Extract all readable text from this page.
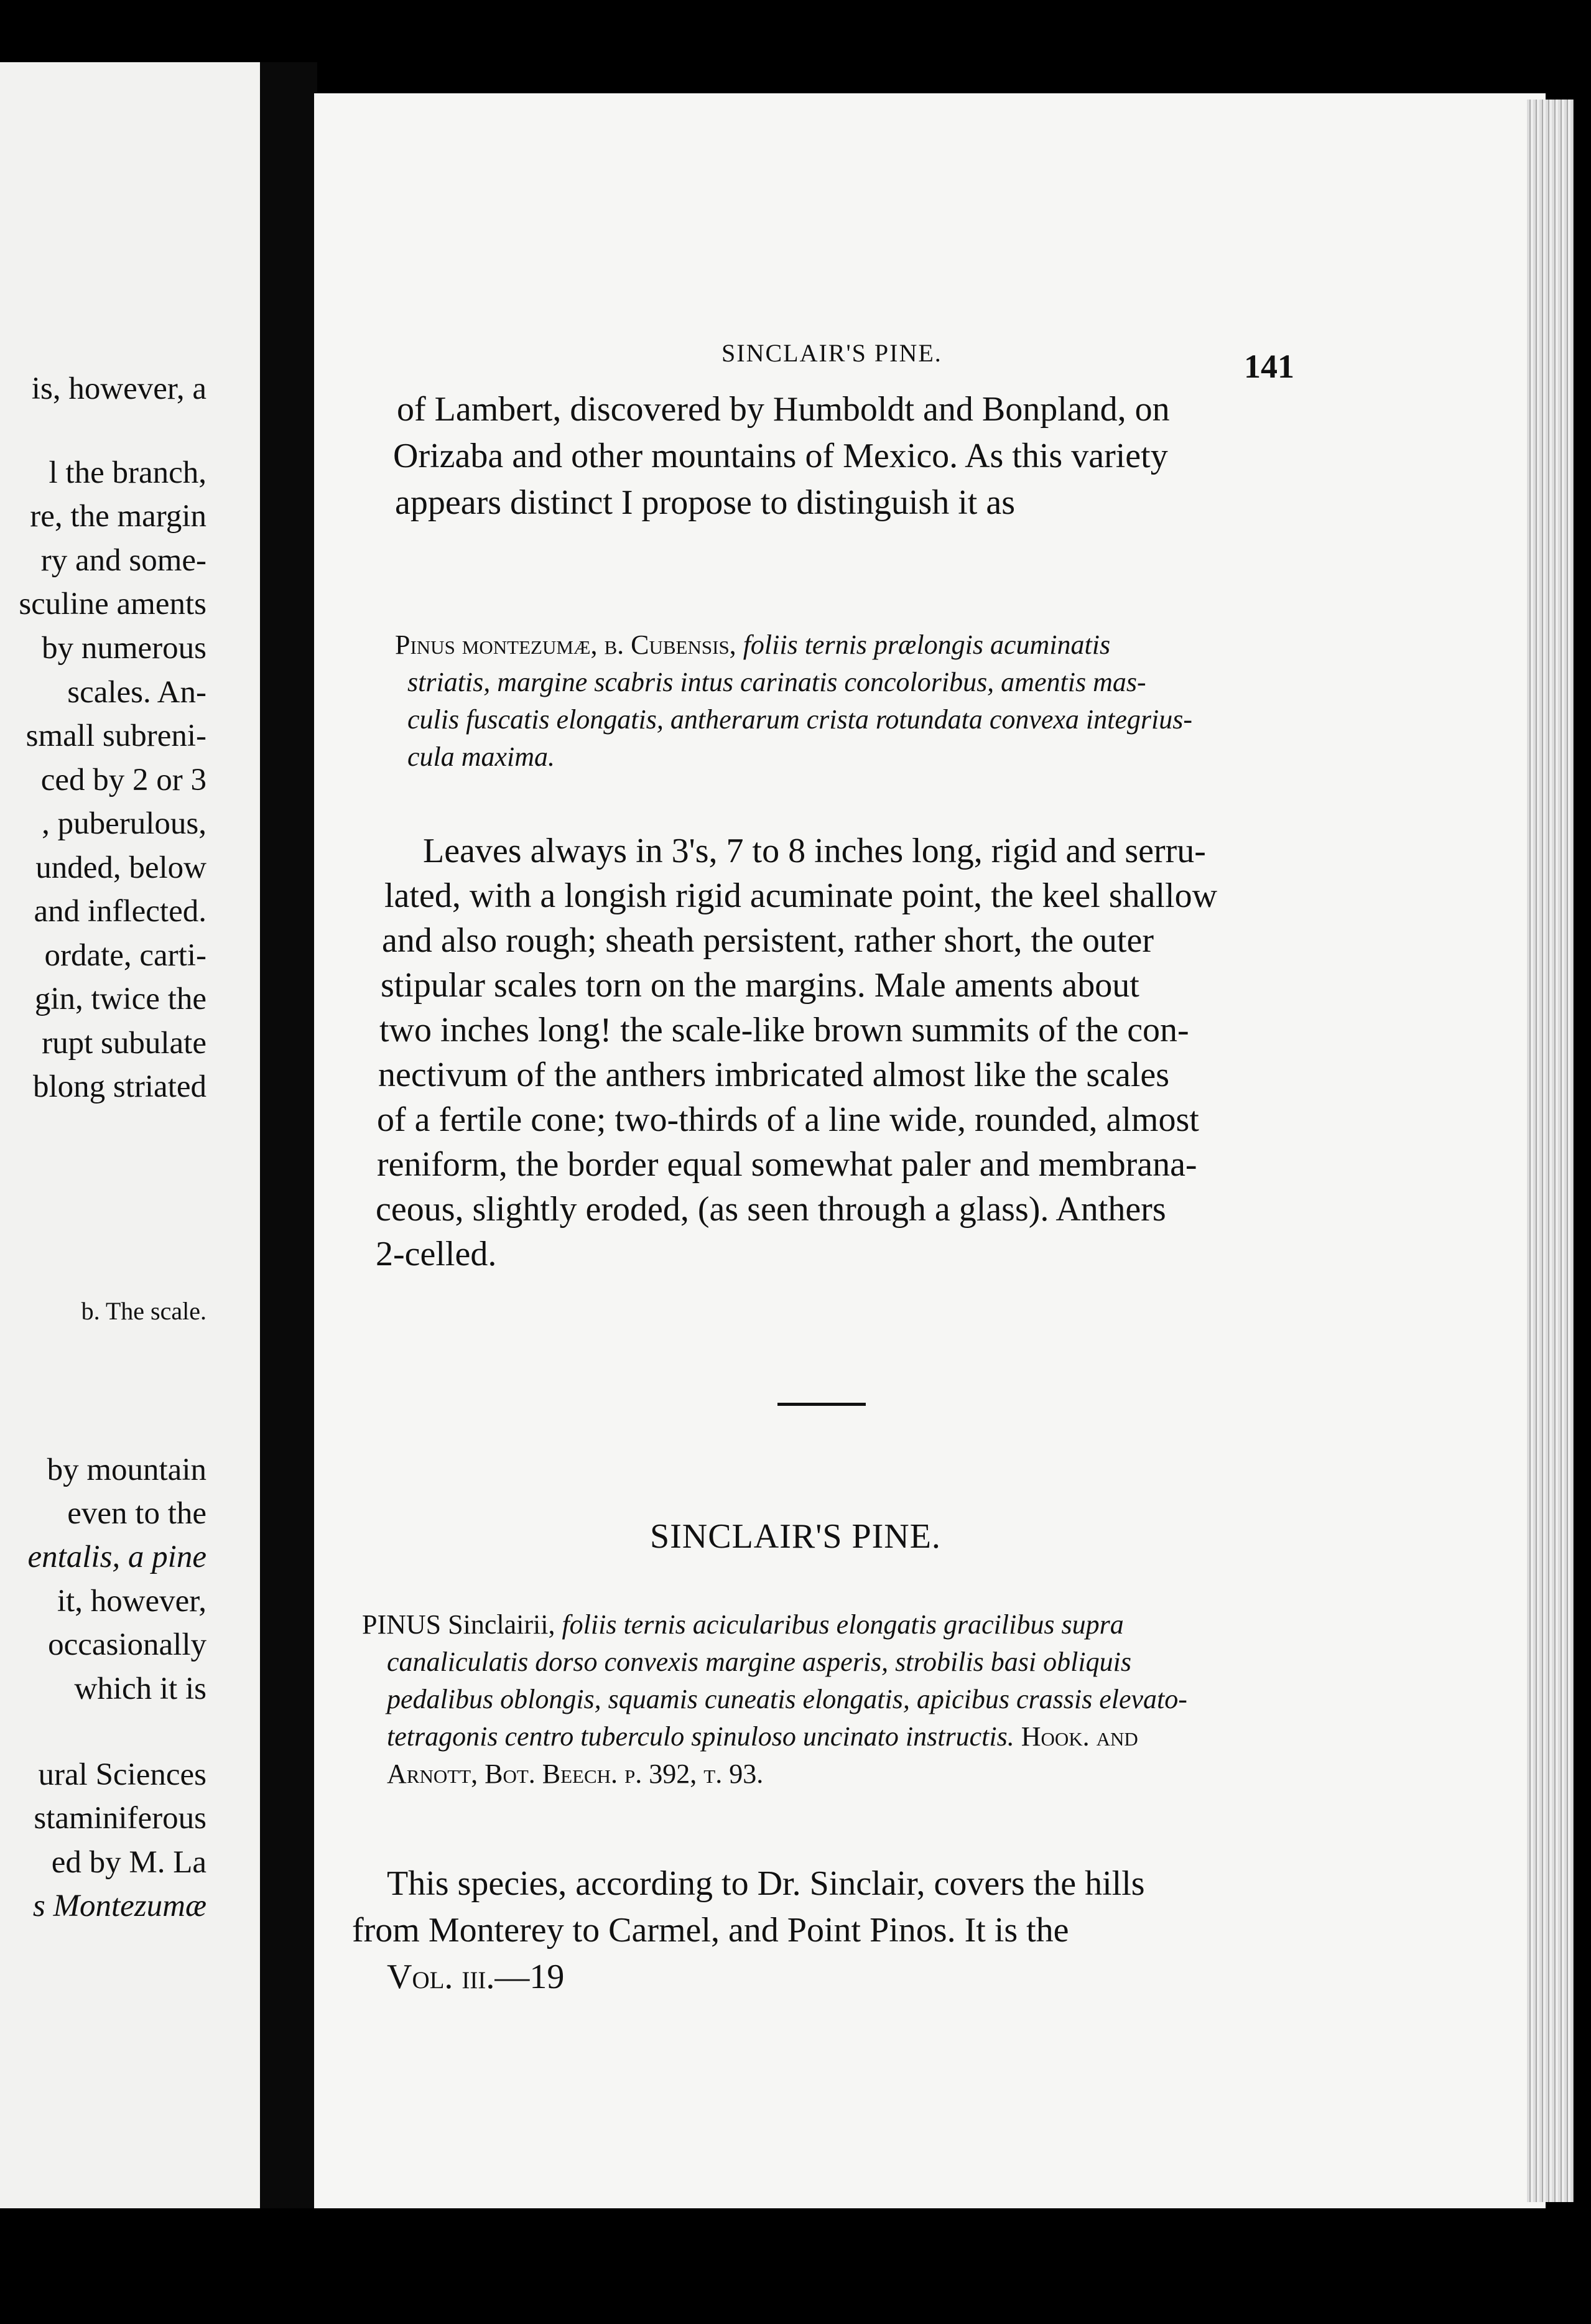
is, however, a
l the branch,
re, the margin
ry and some-
sculine aments
by numerous
scales. An-
small subreni-
ced by 2 or 3
, puberulous,
unded, below
and inflected.
ordate, carti-
gin, twice the
rupt subulate
blong striated
b. The scale.
by mountain
even to the
entalis, a pine
it, however,
occasionally
which it is
ural Sciences
staminiferous
ed by M. La
s Montezumæ
SINCLAIR'S PINE.	141
of Lambert, discovered by Humboldt and Bonpland, on
Orizaba and other mountains of Mexico. As this variety
appears distinct I propose to distinguish it as
Pinus montezumæ, β. Cubensis, foliis ternis prælongis acuminatis
striatis, margine scabris intus carinatis concoloribus, amentis mas-
culis fuscatis elongatis, antherarum crista rotundata convexa integrius-
cula maxima.
Leaves always in 3's, 7 to 8 inches long, rigid and serru-
lated, with a longish rigid acuminate point, the keel shallow
and also rough; sheath persistent, rather short, the outer
stipular scales torn on the margins. Male aments about
two inches long! the scale-like brown summits of the con-
nectivum of the anthers imbricated almost like the scales
of a fertile cone; two-thirds of a line wide, rounded, almost
reniform, the border equal somewhat paler and membrana-
ceous, slightly eroded, (as seen through a glass). Anthers
2-celled.
SINCLAIR'S PINE.
PINUS Sinclairii, foliis ternis acicularibus elongatis gracilibus supra
canaliculatis dorso convexis margine asperis, strobilis basi obliquis
pedalibus oblongis, squamis cuneatis elongatis, apicibus crassis elevato-
tetragonis centro tuberculo spinuloso uncinato instructis. Hook. and
Arnott, Bot. Beech. p. 392, t. 93.
This species, according to Dr. Sinclair, covers the hills
from Monterey to Carmel, and Point Pinos. It is the
Vol. iii.—19
